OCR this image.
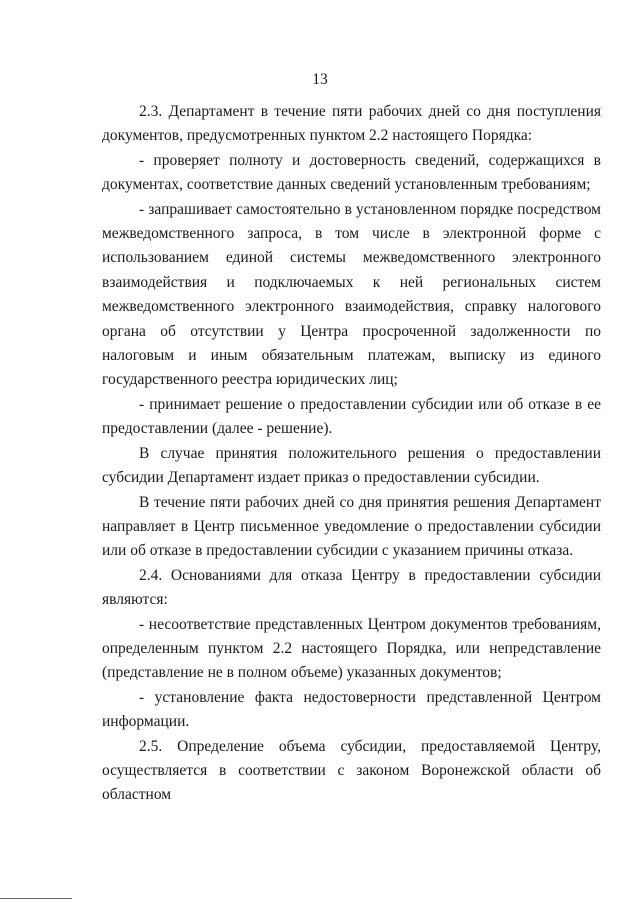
13

2.3. Департамент в течение пяти рабочих дней со дня поступления документов, предусмотренных пунктом 2.2 настоящего Порядка:

- проверяет полноту и достоверность сведений, содержащихся в документах, соответствие данных сведений установленным требованиям;

- запрашивает самостоятельно в установленном порядке посредством межведомственного запроса, в том числе в электронной форме с использованием единой системы межведомственного электронного взаимодействия и подключаемых к ней региональных систем межведомственного электронного взаимодействия, справку налогового органа об отсутствии у Центра просроченной задолженности по налоговым и иным обязательным платежам, выписку из единого государственного реестра юридических лиц;

- принимает решение о предоставлении субсидии или об отказе в ее предоставлении (далее - решение).

В случае принятия положительного решения о предоставлении субсидии Департамент издает приказ о предоставлении субсидии.

В течение пяти рабочих дней со дня принятия решения Департамент направляет в Центр письменное уведомление о предоставлении субсидии или об отказе в предоставлении субсидии с указанием причины отказа.

2.4. Основаниями для отказа Центру в предоставлении субсидии являются:

- несоответствие представленных Центром документов требованиям, определенным пунктом 2.2 настоящего Порядка, или непредставление (представление не в полном объеме) указанных документов;

- установление факта недостоверности представленной Центром информации.

2.5. Определение объема субсидии, предоставляемой Центру, осуществляется в соответствии с законом Воронежской области об областном
